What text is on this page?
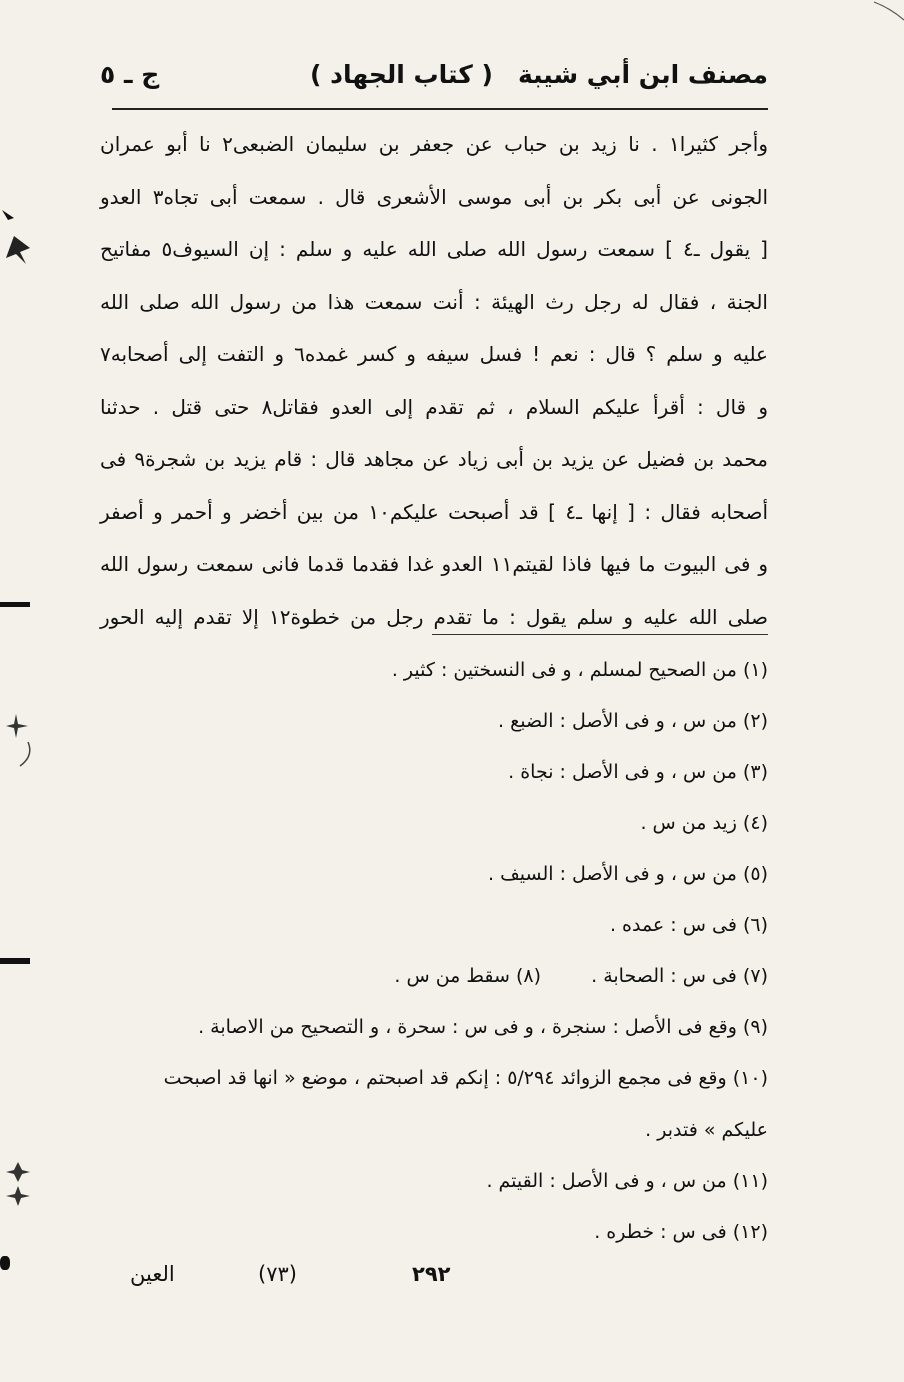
مصنف ابن أبي شيبة
( كتاب الجهاد )
ج ـ ٥
وأجر كثيرا١ . نا زيد بن حباب عن جعفر بن سليمان الضبعى٢ نا أبو عمران
الجونى عن أبى بكر بن أبى موسى الأشعرى قال . سمعت أبى تجاه٣ العدو
[ يقول ـ٤ ] سمعت رسول الله صلى الله عليه و سلم : إن السيوف٥ مفاتيح
الجنة ، فقال له رجل رث الهيئة : أنت سمعت هذا من رسول الله صلى الله
عليه و سلم ؟ قال : نعم ! فسل سيفه و كسر غمده٦ و التفت إلى أصحابه٧
و قال : أقرأ عليكم السلام ، ثم تقدم إلى العدو فقاتل٨ حتى قتل . حدثنا
محمد بن فضيل عن يزيد بن أبى زياد عن مجاهد قال : قام يزيد بن شجرة٩ فى
أصحابه فقال : [ إنها ـ٤ ] قد أصبحت عليكم١٠ من بين أخضر و أحمر و أصفر
و فى البيوت ما فيها فاذا لقيتم١١ العدو غدا فقدما قدما فانى سمعت رسول الله
صلى الله عليه و سلم يقول : ما تقدم رجل من خطوة١٢ إلا تقدم إليه الحور
(١) من الصحيح لمسلم ، و فى النسختين : كثير .
(٢) من س ، و فى الأصل : الضبع .
(٣) من س ، و فى الأصل : نجاة .
(٤) زيد من س .
(٥) من س ، و فى الأصل : السيف .
(٦) فى س : عمده .
(٧) فى س : الصحابة . (٨) سقط من س .
(٩) وقع فى الأصل : سنجرة ، و فى س : سحرة ، و التصحيح من الاصابة .
(١٠) وقع فى مجمع الزوائد ٥/٢٩٤ : إنكم قد اصبحتم ، موضع « انها قد اصبحت
عليكم » فتدبر .
(١١) من س ، و فى الأصل : القيتم .
(١٢) فى س : خطره .
العين	(٧٣)	٢٩٢
